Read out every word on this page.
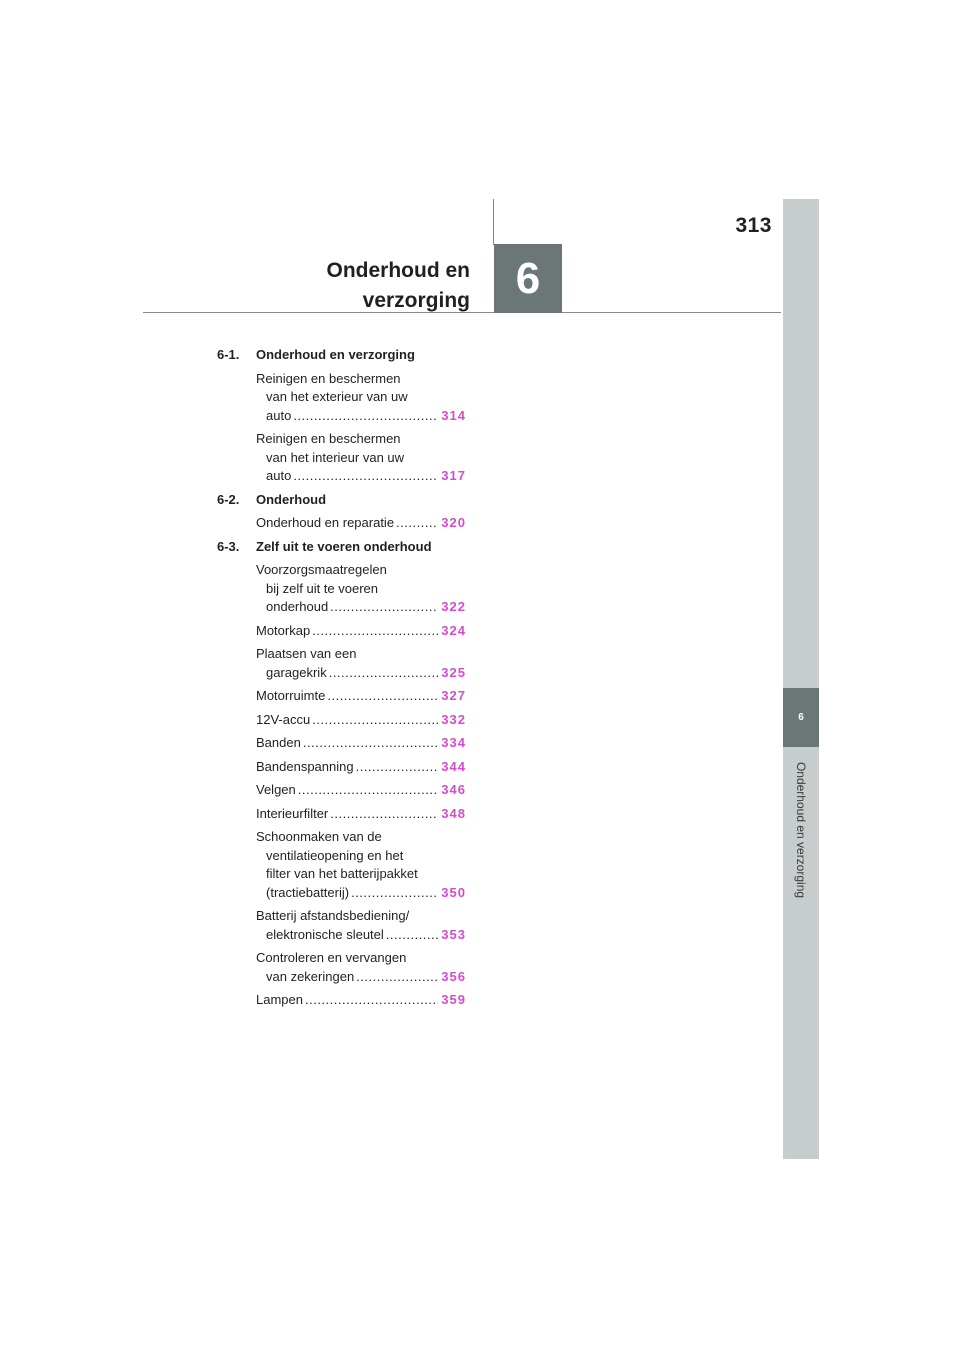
313
Onderhoud en
verzorging	6
6
Onderhoud en verzorging
6-1. Onderhoud en verzorging
Reinigen en beschermen
van het exterieur van uw
auto .....	314
Reinigen en beschermen
van het interieur van uw
auto .....	317
6-2. Onderhoud
Onderhoud en reparatie .....	320
6-3. Zelf uit te voeren onderhoud
Voorzorgsmaatregelen
bij zelf uit te voeren
onderhoud .....	322
Motorkap .....	324
Plaatsen van een
garagekrik .....	325
Motorruimte .....	327
12V-accu .....	332
Banden .....	334
Bandenspanning .....	344
Velgen .....	346
Interieurfilter .....	348
Schoonmaken van de
ventilatieopening en het
filter van het batterijpakket
(tractiebatterij) .....	350
Batterij afstandsbediening/
elektronische sleutel .....	353
Controleren en vervangen
van zekeringen .....	356
Lampen .....	359
